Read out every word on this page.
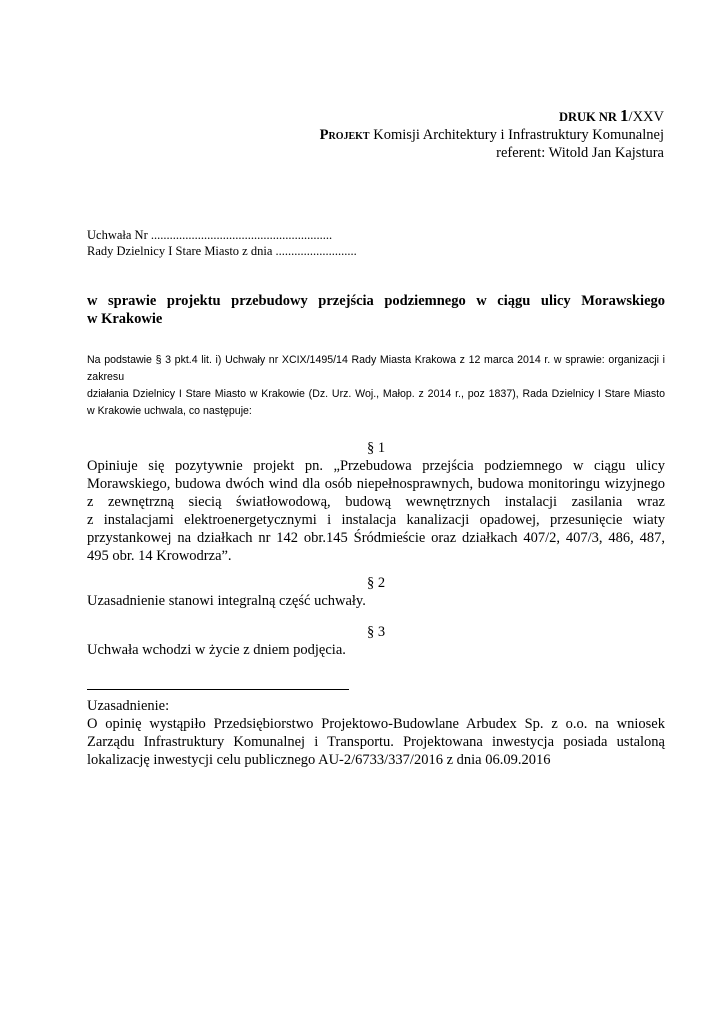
DRUK NR 1/XXV
Projekt Komisji Architektury i Infrastruktury Komunalnej
referent: Witold Jan Kajstura
Uchwała Nr ..........................................................
Rady Dzielnicy I Stare Miasto z dnia ..........................
w sprawie projektu przebudowy przejścia podziemnego w ciągu ulicy Morawskiego
w Krakowie
Na podstawie § 3 pkt.4 lit. i) Uchwały nr XCIX/1495/14 Rady Miasta Krakowa z 12 marca 2014 r. w sprawie: organizacji i zakresu
działania Dzielnicy I Stare Miasto w Krakowie (Dz. Urz. Woj., Małop. z 2014 r., poz 1837), Rada Dzielnicy I Stare Miasto
w Krakowie uchwala, co następuje:
§ 1
Opiniuje się pozytywnie projekt pn. „Przebudowa przejścia podziemnego w ciągu ulicy
Morawskiego, budowa dwóch wind dla osób niepełnosprawnych, budowa monitoringu wizyjnego
z zewnętrzną siecią światłowodową, budową wewnętrznych instalacji zasilania wraz
z instalacjami elektroenergetycznymi i instalacja kanalizacji opadowej, przesunięcie wiaty
przystankowej na działkach nr 142 obr.145 Śródmieście oraz działkach 407/2, 407/3, 486, 487,
495 obr. 14 Krowodrza”.
§ 2
Uzasadnienie stanowi integralną część uchwały.
§ 3
Uchwała wchodzi w życie z dniem podjęcia.
Uzasadnienie:
O opinię wystąpiło Przedsiębiorstwo Projektowo-Budowlane Arbudex Sp. z o.o. na wniosek
Zarządu Infrastruktury Komunalnej i Transportu. Projektowana inwestycja posiada ustaloną
lokalizację inwestycji celu publicznego AU-2/6733/337/2016 z dnia 06.09.2016
